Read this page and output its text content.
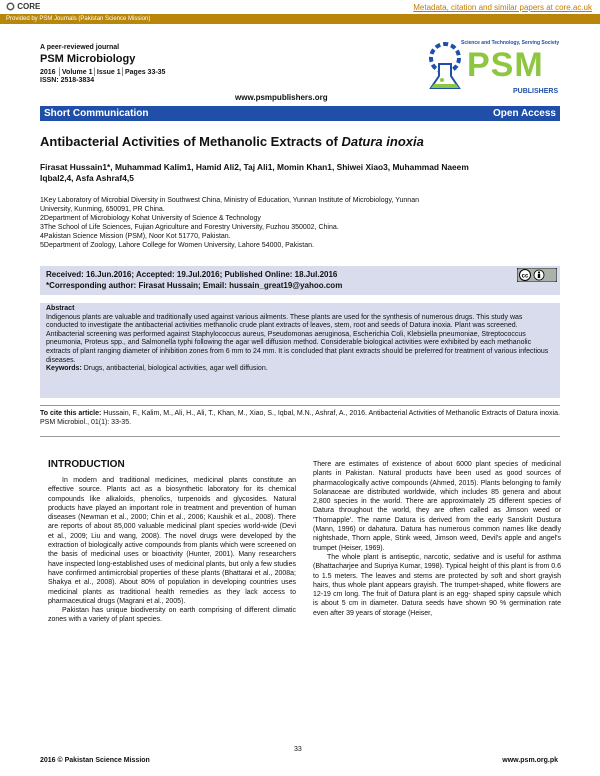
CORE	Metadata, citation and similar papers at core.ac.uk
Provided by PSM Journals (Pakistan Science Mission)
A peer-reviewed journal
PSM Microbiology
2016 │Volume 1│Issue 1│Pages 33-35
ISSN: 2518-3834
www.psmpublishers.org
Science and Technology, Serving Society
PSM
PUBLISHERS
Short Communication	Open Access
Antibacterial Activities of Methanolic Extracts of Datura inoxia
Firasat Hussain1*, Muhammad Kalim1, Hamid Ali2, Taj Ali1, Momin Khan1, Shiwei Xiao3, Muhammad Naeem
Iqbal2,4, Asfa Ashraf4,5
1Key Laboratory of Microbial Diversity in Southwest China, Ministry of Education, Yunnan Institute of Microbiology, Yunnan
University, Kunming, 650091, PR China.
2Department of Microbiology Kohat University of Science & Technology
3The School of Life Sciences, Fujian Agriculture and Forestry University, Fuzhou 350002, China.
4Pakistan Science Mission (PSM), Noor Kot 51770, Pakistan.
5Department of Zoology, Lahore College for Women University, Lahore 54000, Pakistan.
Received: 16.Jun.2016; Accepted: 19.Jul.2016; Published Online: 18.Jul.2016
*Corresponding author: Firasat Hussain; Email: hussain_great19@yahoo.com
cc
Abstract
Indigenous plants are valuable and traditionally used against various ailments. These plants are used for the synthesis of numerous drugs. This study was conducted to investigate the antibacterial activities methanolic crude plant extracts of leaves, stem, root and seeds of Datura inoxia. Plant was screened. Antibacterial screening was performed against Staphylococcus aureus, Pseudomonas aeruginosa, Escherichia Coli, Klebsiella pneumoniae, Streptococcus pneumonia, Proteus spp., and Salmonella typhi following the agar well diffusion method. Considerable biological activities were exhibited by each methanolic extracts of plant ranging diameter of inhibition zones from 6 mm to 24 mm. It is concluded that plant extracts should be preferred for treatment of various infectious diseases.
Keywords: Drugs, antibacterial, biological activities, agar well diffusion.
To cite this article: Hussain, F., Kalim, M., Ali, H., Ali, T., Khan, M., Xiao, S., Iqbal, M.N., Ashraf, A., 2016. Antibacterial Activities of Methanolic Extracts of Datura inoxia. PSM Microbiol., 01(1): 33-35.
INTRODUCTION

In modern and traditional medicines, medicinal plants constitute an effective source. Plants act as a biosynthetic laboratory for its chemical compounds like alkaloids, phenolics, turpenoids and glycosides. Natural products have played an important role in treatment and prevention of human diseases (Newman et al., 2000; Chin et al., 2006; Kaushik et al., 2008). There are reports of about 85,000 valuable medicinal plant species world-wide (Devi et al., 2009; Liu and wang, 2008). The novel drugs were developed by the extraction of biologically active compounds from plants which were screened on the basis of medicinal uses or bioactivity (Hunter, 2001). Many researchers have inspected long-established uses of medicinal plants, but only a few studies have confirmed antimicrobial properties of these plants (Bhattarai et al., 2008a; Shakya et al., 2008). About 80% of population in developing countries uses medicinal plants as traditional health remedies as they lack access to pharmaceutical drugs (Magrani et al., 2005).

Pakistan has unique biodiversity on earth comprising of different climatic zones with a variety of plant species.

There are estimates of existence of about 6000 plant species of medicinal plants in Pakistan. Natural products have been used as good sources of pharmacologically active compounds (Ahmed, 2015). Plants belonging to family Solanaceae are distributed worldwide, which includes 85 genera and about 2,800 species in the world. There are approximately 25 different species of Datura throughout the world, they are often called as Jimson weed or 'Thornapple'. The name Datura is derived from the early Sanskrit Dustura (Mann, 1996) or dahatura. Datura has numerous common names like deadly nightshade, Thorn apple, Stink weed, Jimson weed, Devil's apple and angel's trumpet (Heiser, 1969).

The whole plant is antiseptic, narcotic, sedative and is useful for asthma (Bhattacharjee and Supriya Kumar, 1998). Typical height of this plant is from 0.6 to 1.5 meters. The leaves and stems are protected by soft and short grayish hairs, thus whole plant appears grayish. The trumpet-shaped, white flowers are 12-19 cm long. The fruit of Datura plant is an egg- shaped spiny capsule which is about 5 cm in diameter. Datura seeds have shown 90 % germination rate even after 39 years of storage (Heiser,

33
2016 © Pakistan Science Mission	www.psm.org.pk
